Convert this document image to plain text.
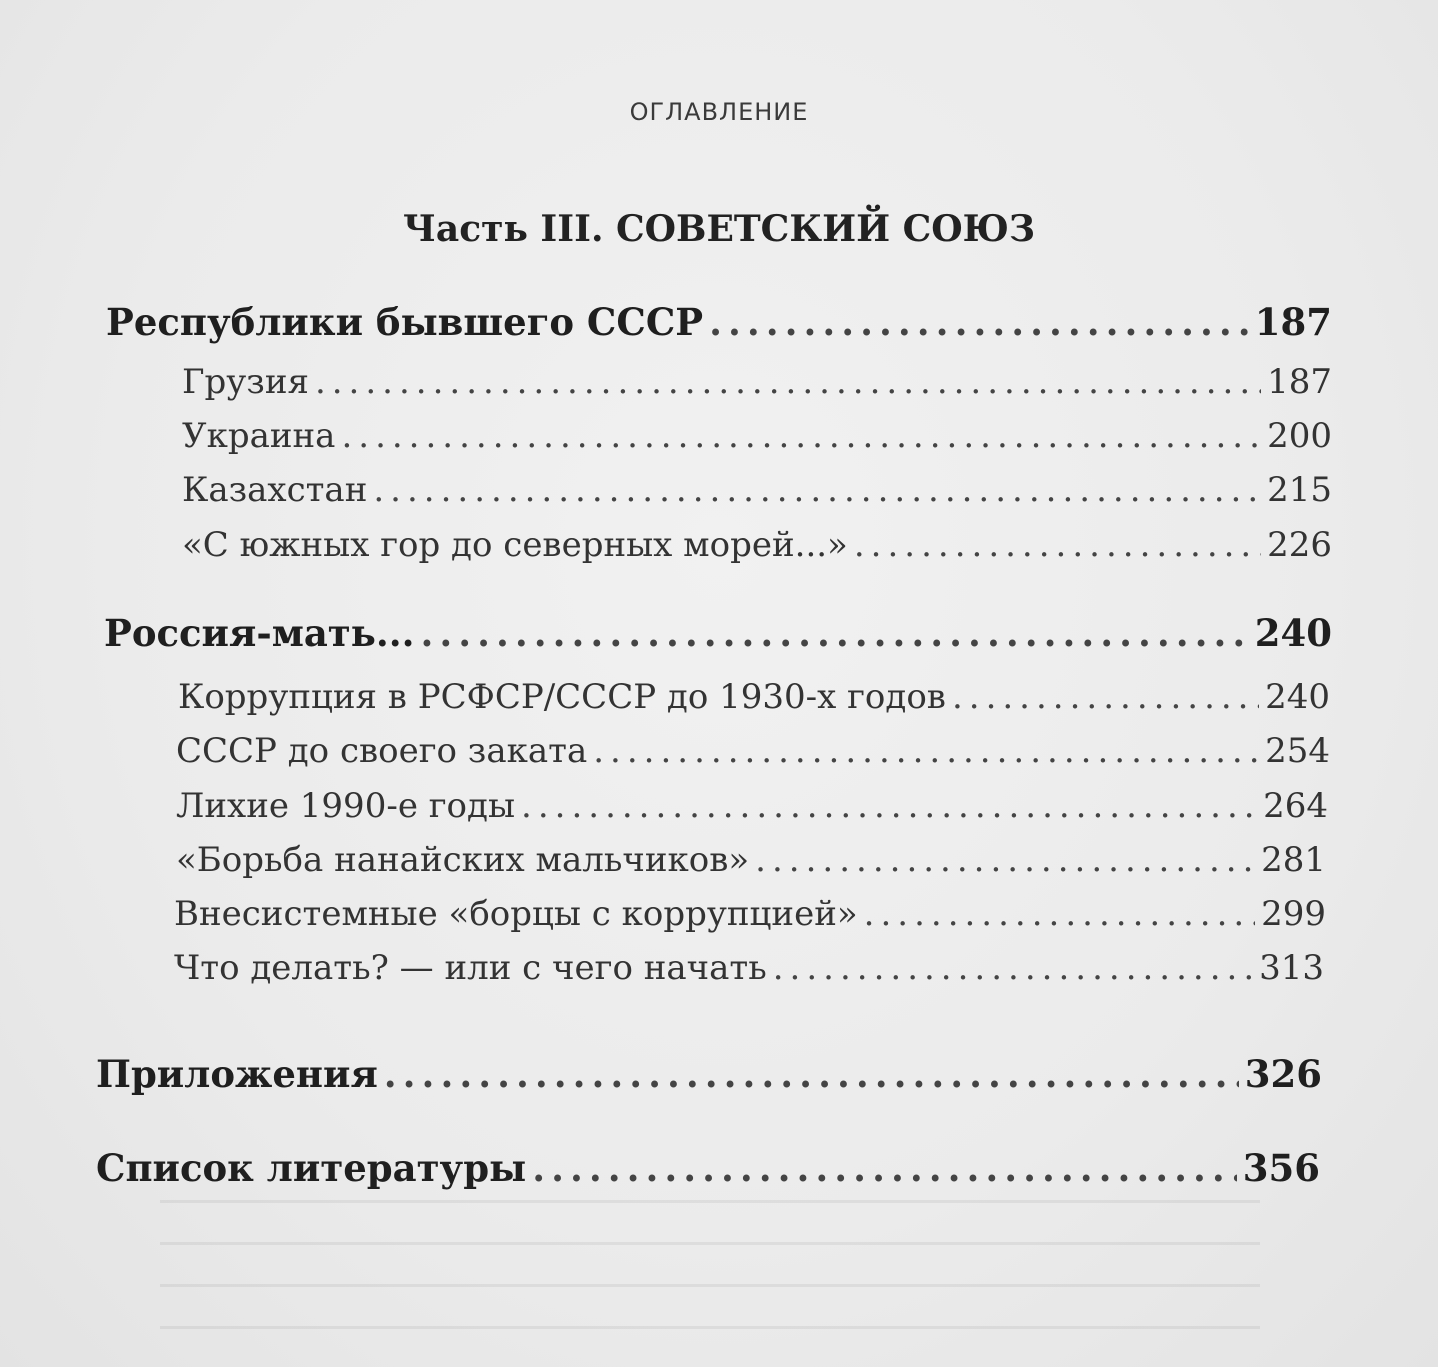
ОГЛАВЛЕНИЕ
Часть III. СОВЕТСКИЙ СОЮЗ
Республики бывшего СССР .....	187
Грузия .....	187
Украина .....	200
Казахстан .....	215
«С южных гор до северных морей...» .....	226
Россия-мать... .....	240
Коррупция в РСФСР/СССР до 1930-х годов .....	240
СССР до своего заката .....	254
Лихие 1990-е годы .....	264
«Борьба нанайских мальчиков» .....	281
Внесистемные «борцы с коррупцией» .....	299
Что делать? — или с чего начать .....	313
Приложения .....	326
Список литературы .....	356
